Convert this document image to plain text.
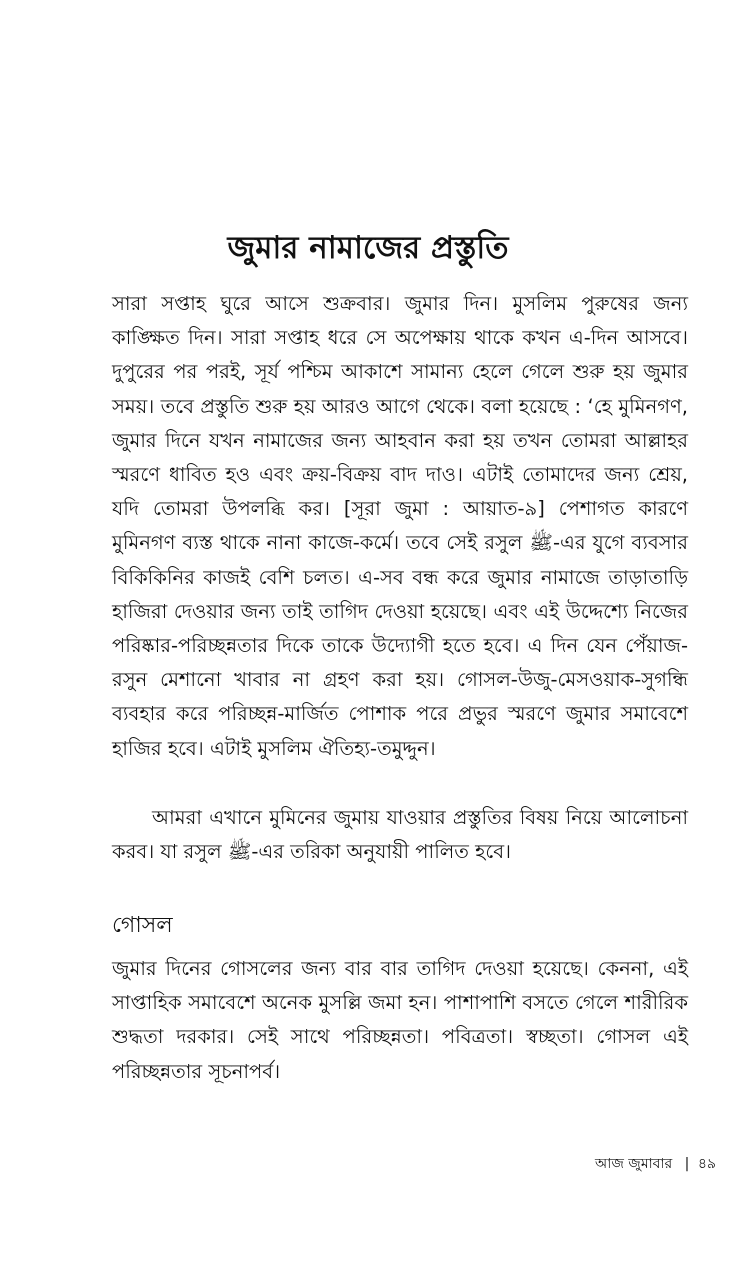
জুমার নামাজের প্রস্তুতি

সারা সপ্তাহ ঘুরে আসে শুক্রবার। জুমার দিন। মুসলিম পুরুষের জন্য কাঙ্ক্ষিত দিন। সারা সপ্তাহ ধরে সে অপেক্ষায় থাকে কখন এ-দিন আসবে। দুপুরের পর পরই, সূর্য পশ্চিম আকাশে সামান্য হেলে গেলে শুরু হয় জুমার সময়। তবে প্রস্তুতি শুরু হয় আরও আগে থেকে। বলা হয়েছে : ‘হে মুমিনগণ, জুমার দিনে যখন নামাজের জন্য আহবান করা হয় তখন তোমরা আল্লাহর স্মরণে ধাবিত হও এবং ক্রয়-বিক্রয় বাদ দাও। এটাই তোমাদের জন্য শ্রেয়, যদি তোমরা উপলব্ধি কর। [সূরা জুমা : আয়াত-৯] পেশাগত কারণে মুমিনগণ ব্যস্ত থাকে নানা কাজে-কর্মে। তবে সেই রসুল ﷺ-এর যুগে ব্যবসার বিকিকিনির কাজই বেশি চলত। এ-সব বন্ধ করে জুমার নামাজে তাড়াতাড়ি হাজিরা দেওয়ার জন্য তাই তাগিদ দেওয়া হয়েছে। এবং এই উদ্দেশ্যে নিজের পরিষ্কার-পরিচ্ছন্নতার দিকে তাকে উদ্যোগী হতে হবে। এ দিন যেন পেঁয়াজ-রসুন মেশানো খাবার না গ্রহণ করা হয়। গোসল-উজু-মেসওয়াক-সুগন্ধি ব্যবহার করে পরিচ্ছন্ন-মার্জিত পোশাক পরে প্রভুর স্মরণে জুমার সমাবেশে হাজির হবে। এটাই মুসলিম ঐতিহ্য-তমুদ্দুন।

আমরা এখানে মুমিনের জুমায় যাওয়ার প্রস্তুতির বিষয় নিয়ে আলোচনা করব। যা রসুল ﷺ-এর তরিকা অনুযায়ী পালিত হবে।

গোসল

জুমার দিনের গোসলের জন্য বার বার তাগিদ দেওয়া হয়েছে। কেননা, এই সাপ্তাহিক সমাবেশে অনেক মুসল্লি জমা হন। পাশাপাশি বসতে গেলে শারীরিক শুদ্ধতা দরকার। সেই সাথে পরিচ্ছন্নতা। পবিত্রতা। স্বচ্ছতা। গোসল এই পরিচ্ছন্নতার সূচনাপর্ব।

আজ জুমাবার | ৪৯
